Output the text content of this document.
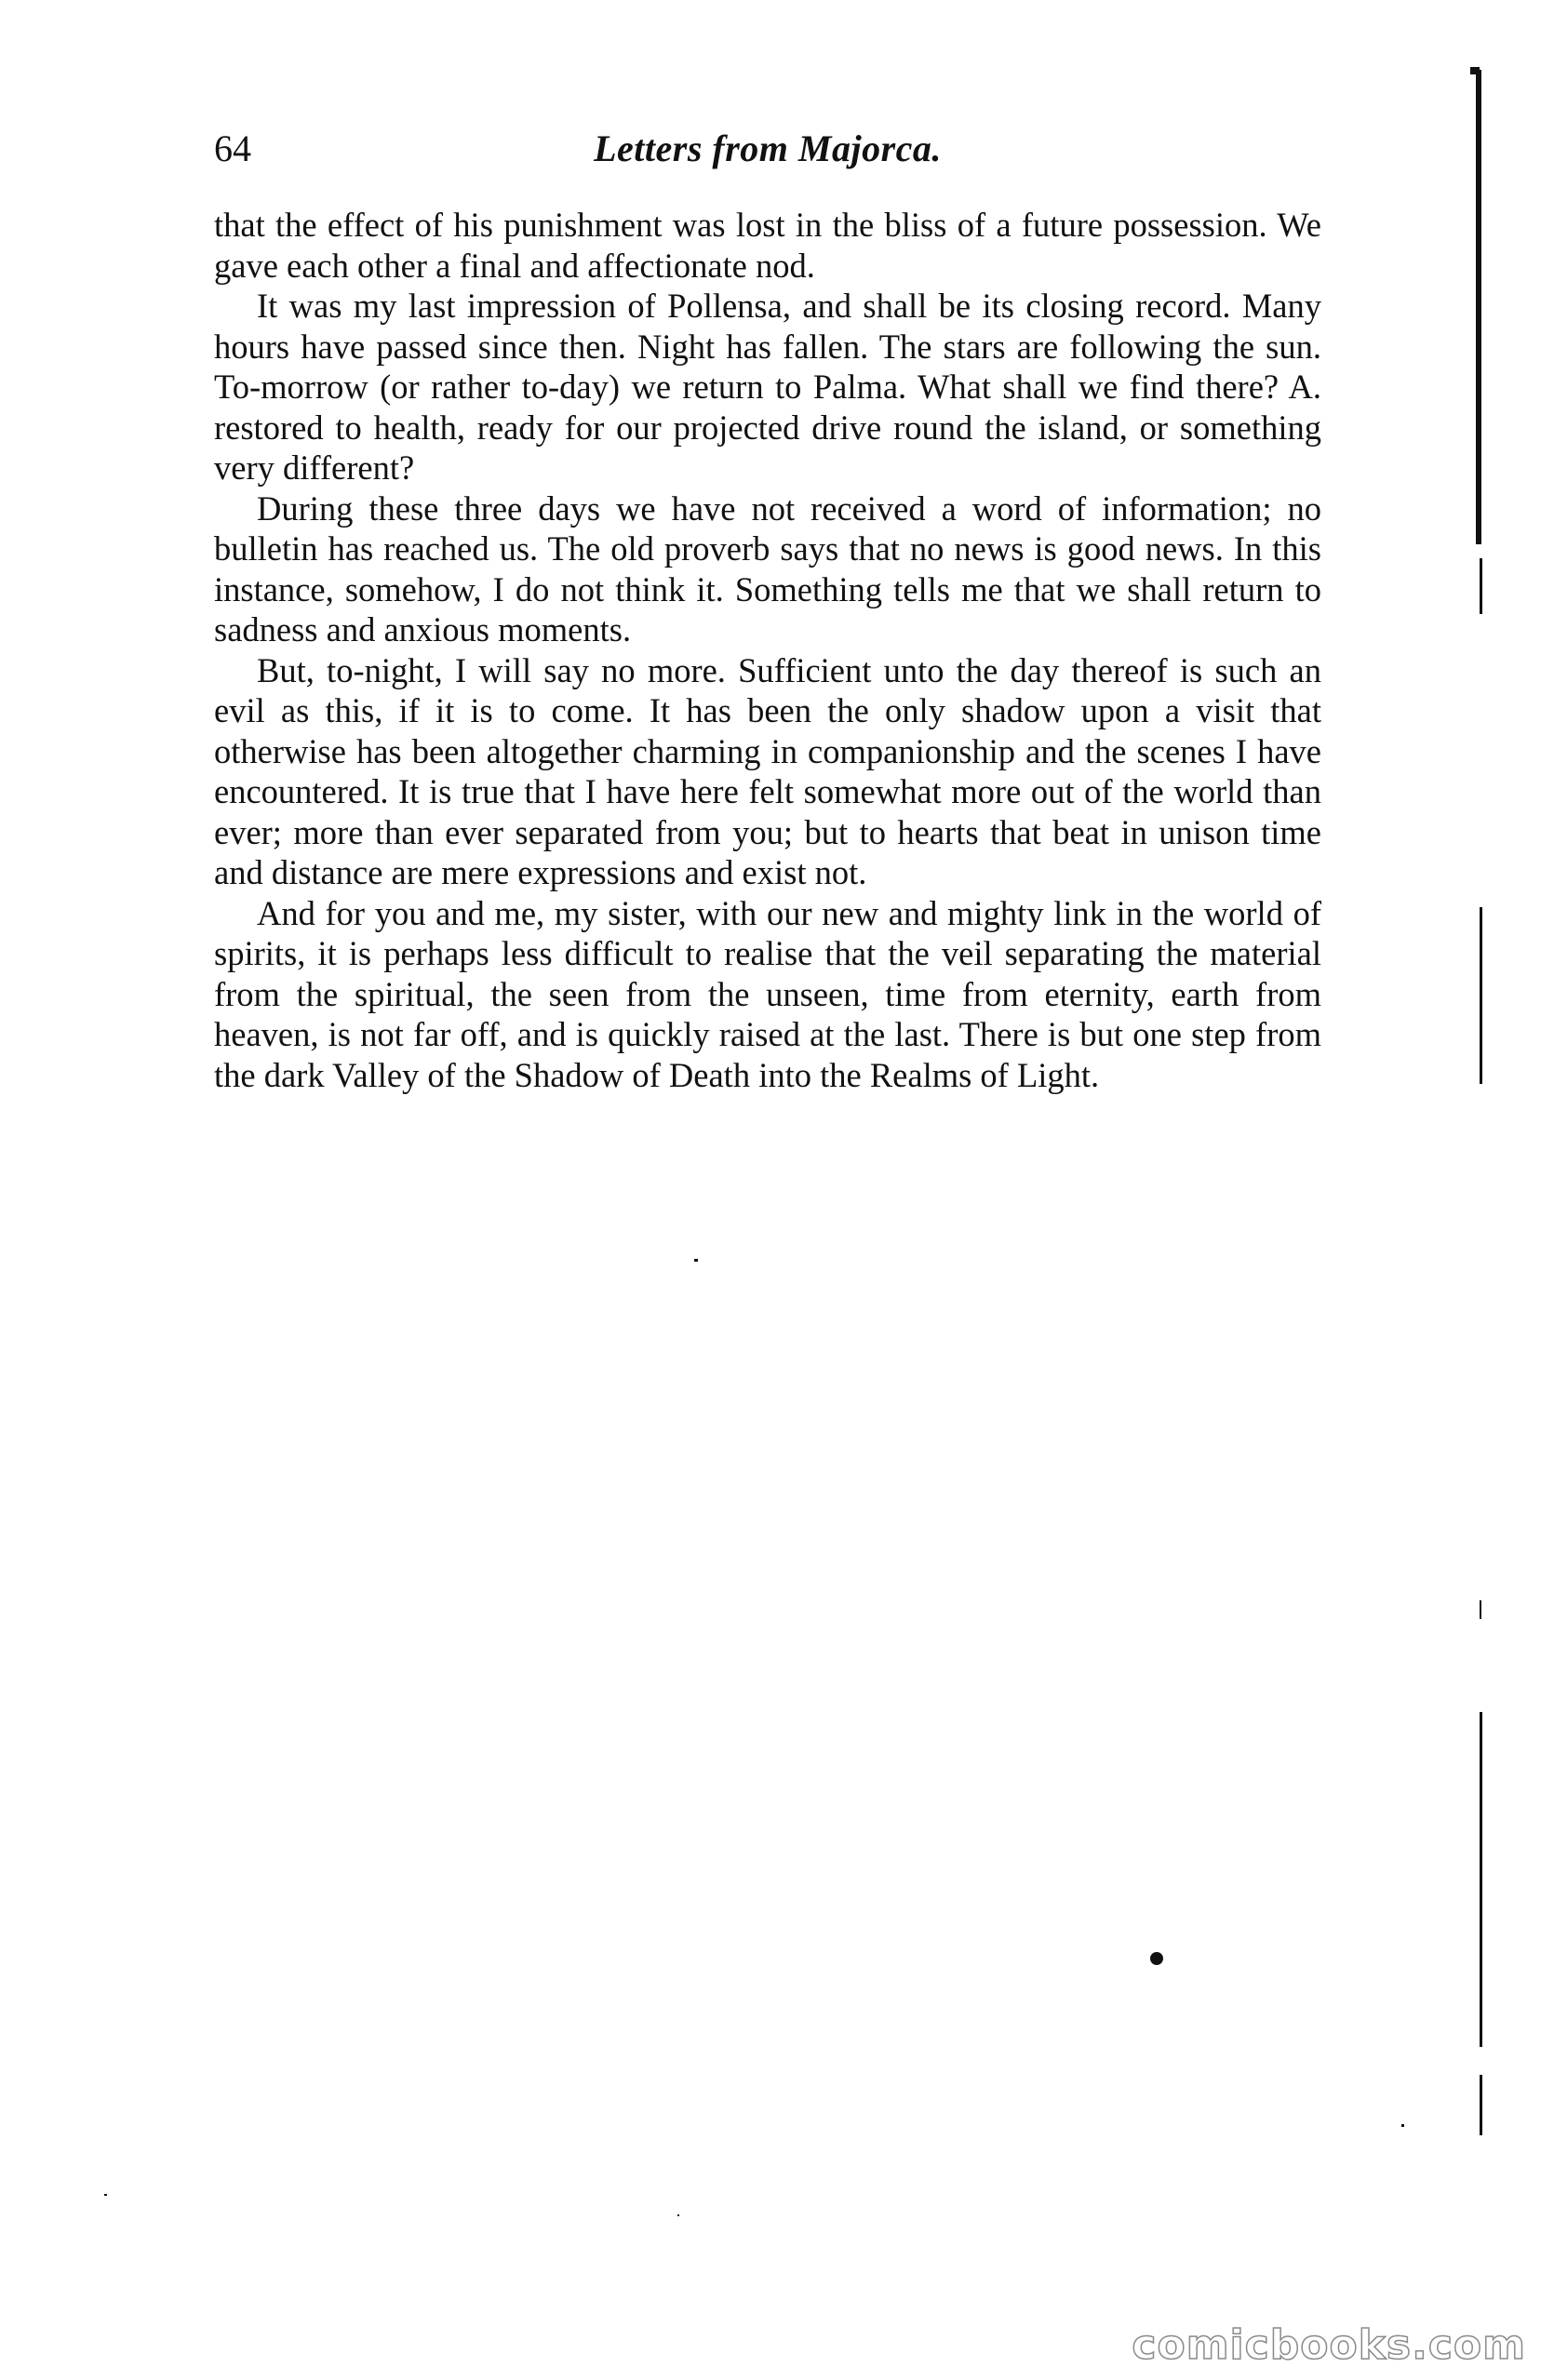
64	Letters from Majorca.

that the effect of his punishment was lost in the bliss of a future possession. We gave each other a final and affectionate nod.

It was my last impression of Pollensa, and shall be its closing record. Many hours have passed since then. Night has fallen. The stars are following the sun. To-morrow (or rather to-day) we return to Palma. What shall we find there? A. restored to health, ready for our projected drive round the island, or something very different?

During these three days we have not received a word of information; no bulletin has reached us. The old proverb says that no news is good news. In this instance, somehow, I do not think it. Something tells me that we shall return to sadness and anxious moments.

But, to-night, I will say no more. Sufficient unto the day thereof is such an evil as this, if it is to come. It has been the only shadow upon a visit that otherwise has been altogether charming in companionship and the scenes I have encountered. It is true that I have here felt somewhat more out of the world than ever; more than ever separated from you; but to hearts that beat in unison time and distance are mere expressions and exist not.

And for you and me, my sister, with our new and mighty link in the world of spirits, it is perhaps less difficult to realise that the veil separating the material from the spiritual, the seen from the unseen, time from eternity, earth from heaven, is not far off, and is quickly raised at the last. There is but one step from the dark Valley of the Shadow of Death into the Realms of Light.

comicbooks.com
